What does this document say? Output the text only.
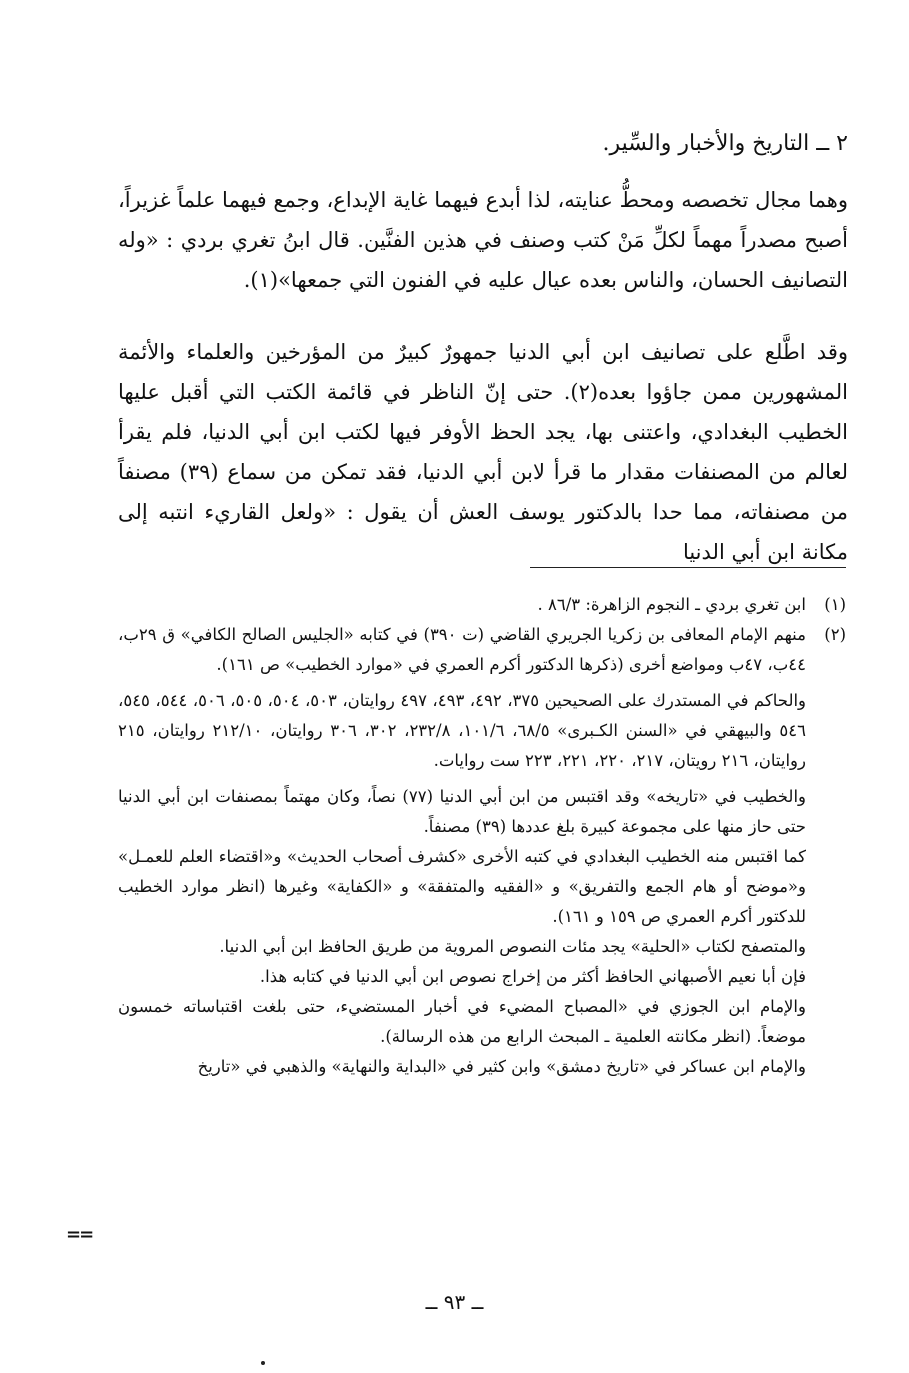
٢ ــ التاريخ والأخبار والسِّير.

وهما مجال تخصصه ومحطُّ عنايته، لذا أبدع فيهما غاية الإبداع، وجمع فيهما علماً غزيراً، أصبح مصدراً مهماً لكلِّ مَنْ كتب وصنف في هذين الفنَّين. قال ابنُ تغري بردي : «وله التصانيف الحسان، والناس بعده عيال عليه في الفنون التي جمعها»(١).

وقد اطَّلع على تصانيف ابن أبي الدنيا جمهورٌ كبيرٌ من المؤرخين والعلماء والأئمة المشهورين ممن جاؤوا بعده(٢). حتى إنّ الناظر في قائمة الكتب التي أقبل عليها الخطيب البغدادي، واعتنى بها، يجد الحظ الأوفر فيها لكتب ابن أبي الدنيا، فلم يقرأ لعالم من المصنفات مقدار ما قرأ لابن أبي الدنيا، فقد تمكن من سماع (٣٩) مصنفاً من مصنفاته، مما حدا بالدكتور يوسف العش أن يقول : «ولعل القاريء انتبه إلى مكانة ابن أبي الدنيا

(١)
ابن تغري بردي ـ النجوم الزاهرة: ٨٦/٣ .
(٢)
منهم الإمام المعافى بن زكريا الجريري القاضي (ت ٣٩٠) في كتابه «الجليس الصالح الكافي» ق ٢٩ب، ٤٤ب، ٤٧ب ومواضع أخرى (ذكرها الدكتور أكرم العمري في «موارد الخطيب» ص ١٦١).

والحاكم في المستدرك على الصحيحين ٣٧٥، ٤٩٢، ٤٩٣، ٤٩٧ روايتان، ٥٠٣، ٥٠٤، ٥٠٥، ٥٠٦، ٥٤٤، ٥٤٥، ٥٤٦ والبيهقي في «السنن الكـبرى» ٦٨/٥، ١٠١/٦، ٢٣٢/٨، ٣٠٢، ٣٠٦ روايتان، ٢١٢/١٠ روايتان، ٢١٥ روايتان، ٢١٦ رويتان، ٢١٧، ٢٢٠، ٢٢١، ٢٢٣ ست روايات.

والخطيب في «تاريخه» وقد اقتبس من ابن أبي الدنيا (٧٧) نصاً، وكان مهتماً بمصنفات ابن أبي الدنيا حتى حاز منها على مجموعة كبيرة بلغ عددها (٣٩) مصنفاً.

كما اقتبس منه الخطيب البغدادي في كتبه الأخرى «كشرف أصحاب الحديث» و«اقتضاء العلم للعمـل» و«موضح أو هام الجمع والتفريق» و «الفقيه والمتفقة» و «الكفاية» وغيرها (انظر موارد الخطيب للدكتور أكرم العمري ص ١٥٩ و ١٦١).

والمتصفح لكتاب «الحلية» يجد مئات النصوص المروية من طريق الحافظ ابن أبي الدنيا.

فإن أبا نعيم الأصبهاني الحافظ أكثر من إخراج نصوص ابن أبي الدنيا في كتابه هذا.

والإمام ابن الجوزي في «المصباح المضيء في أخبار المستضيء، حتى بلغت اقتباساته خمسون موضعاً. (انظر مكانته العلمية ـ المبحث الرابع من هذه الرسالة).

والإمام ابن عساكر في «تاريخ دمشق» وابن كثير في «البداية والنهاية» والذهبي في «تاريخ

==
ــ ٩٣ ــ
